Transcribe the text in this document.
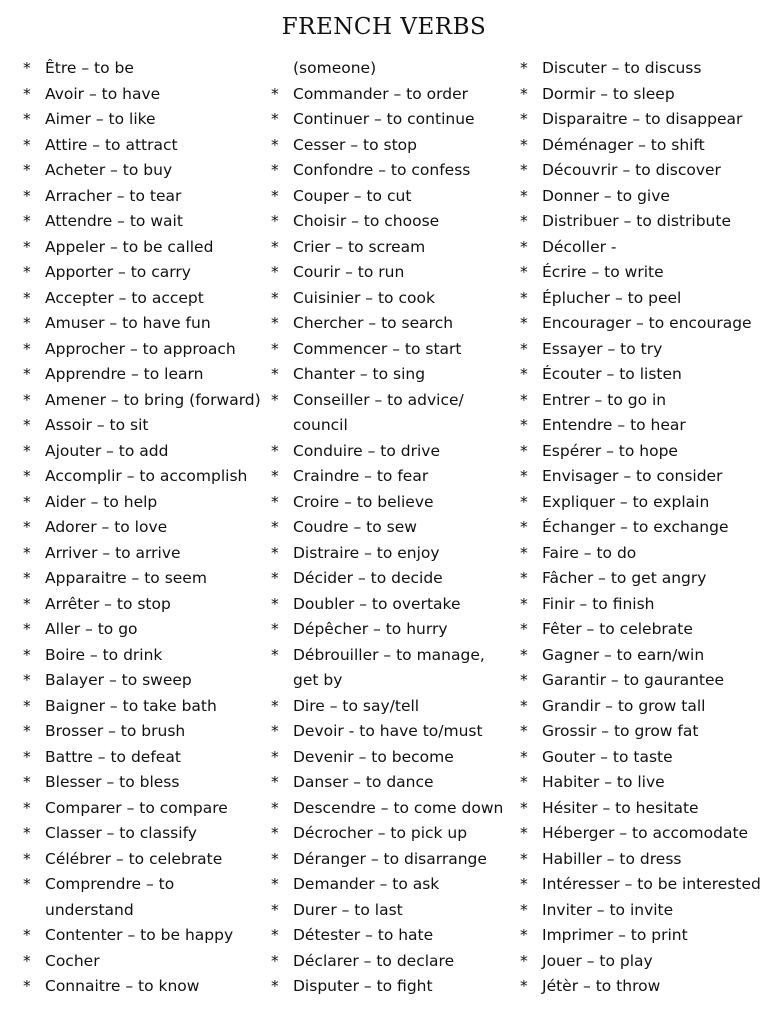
FRENCH VERBS
* Être – to be
* Avoir – to have
* Aimer – to like
* Attire – to attract
* Acheter – to buy
* Arracher – to tear
* Attendre – to wait
* Appeler – to be called
* Apporter – to carry
* Accepter – to accept
* Amuser – to have fun
* Approcher – to approach
* Apprendre – to learn
* Amener – to bring (forward)
* Assoir – to sit
* Ajouter – to add
* Accomplir – to accomplish
* Aider – to help
* Adorer – to love
* Arriver – to arrive
* Apparaitre – to seem
* Arrêter – to stop
* Aller – to go
* Boire – to drink
* Balayer – to sweep
* Baigner – to take bath
* Brosser – to brush
* Battre – to defeat
* Blesser – to bless
* Comparer – to compare
* Classer – to classify
* Célébrer – to celebrate
* Comprendre – to
understand
* Contenter – to be happy
* Cocher
* Connaitre – to know
(someone)
* Commander – to order
* Continuer – to continue
* Cesser – to stop
* Confondre – to confess
* Couper – to cut
* Choisir – to choose
* Crier – to scream
* Courir – to run
* Cuisinier – to cook
* Chercher – to search
* Commencer – to start
* Chanter – to sing
* Conseiller – to advice/
council
* Conduire – to drive
* Craindre – to fear
* Croire – to believe
* Coudre – to sew
* Distraire – to enjoy
* Décider – to decide
* Doubler – to overtake
* Dépêcher – to hurry
* Débrouiller – to manage,
get by
* Dire – to say/tell
* Devoir - to have to/must
* Devenir – to become
* Danser – to dance
* Descendre – to come down
* Décrocher – to pick up
* Déranger – to disarrange
* Demander – to ask
* Durer – to last
* Détester – to hate
* Déclarer – to declare
* Disputer – to fight
* Discuter – to discuss
* Dormir – to sleep
* Disparaitre – to disappear
* Déménager – to shift
* Découvrir – to discover
* Donner – to give
* Distribuer – to distribute
* Décoller -
* Écrire – to write
* Éplucher – to peel
* Encourager – to encourage
* Essayer – to try
* Écouter – to listen
* Entrer – to go in
* Entendre – to hear
* Espérer – to hope
* Envisager – to consider
* Expliquer – to explain
* Échanger – to exchange
* Faire – to do
* Fâcher – to get angry
* Finir – to finish
* Fêter – to celebrate
* Gagner – to earn/win
* Garantir – to gaurantee
* Grandir – to grow tall
* Grossir – to grow fat
* Gouter – to taste
* Habiter – to live
* Hésiter – to hesitate
* Héberger – to accomodate
* Habiller – to dress
* Intéresser – to be interested
* Inviter – to invite
* Imprimer – to print
* Jouer – to play
* Jétèr – to throw
